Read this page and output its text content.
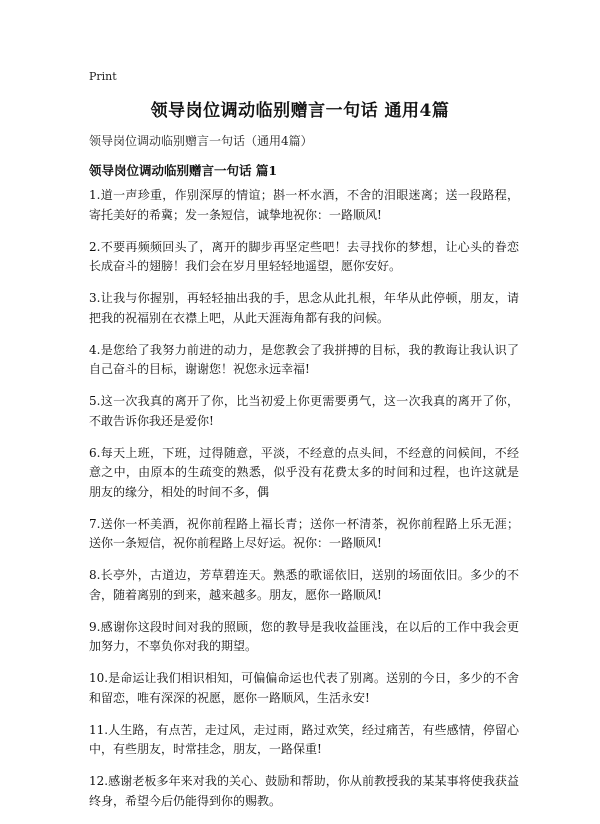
Print
领导岗位调动临别赠言一句话 通用4篇
领导岗位调动临别赠言一句话（通用4篇）
领导岗位调动临别赠言一句话 篇1

1.道一声珍重，作别深厚的情谊；斟一杯水酒，不舍的泪眼迷离；送一段路程，寄托美好的希冀；发一条短信，诚挚地祝你：一路顺风!

2.不要再频频回头了，离开的脚步再坚定些吧！去寻找你的梦想，让心头的眷恋长成奋斗的翅膀！我们会在岁月里轻轻地遥望，愿你安好。

3.让我与你握别，再轻轻抽出我的手，思念从此扎根，年华从此停顿，朋友，请把我的祝福别在衣襟上吧，从此天涯海角都有我的问候。

4.是您给了我努力前进的动力，是您教会了我拼搏的目标，我的教诲让我认识了自己奋斗的目标，谢谢您！祝您永远幸福!

5.这一次我真的离开了你，比当初爱上你更需要勇气，这一次我真的离开了你，不敢告诉你我还是爱你!

6.每天上班，下班，过得随意，平淡，不经意的点头间，不经意的问候间，不经意之中，由原本的生疏变的熟悉，似乎没有花费太多的时间和过程，也许这就是朋友的缘分，相处的时间不多，偶

7.送你一杯美酒，祝你前程路上福长青；送你一杯清茶，祝你前程路上乐无涯；送你一条短信，祝你前程路上尽好运。祝你：一路顺风!

8.长亭外，古道边，芳草碧连天。熟悉的歌谣依旧，送别的场面依旧。多少的不舍，随着离别的到来，越来越多。朋友，愿你一路顺风!

9.感谢你这段时间对我的照顾，您的教导是我收益匪浅，在以后的工作中我会更加努力，不辜负你对我的期望。

10.是命运让我们相识相知，可偏偏命运也代表了别离。送别的今日，多少的不舍和留恋，唯有深深的祝愿，愿你一路顺风，生活永安!

11.人生路，有点苦，走过风，走过雨，路过欢笑，经过痛苦，有些感情，停留心中，有些朋友，时常挂念，朋友，一路保重!

12.感谢老板多年来对我的关心、鼓励和帮助，你从前教授我的某某事将使我获益终身，希望今后仍能得到你的赐教。
